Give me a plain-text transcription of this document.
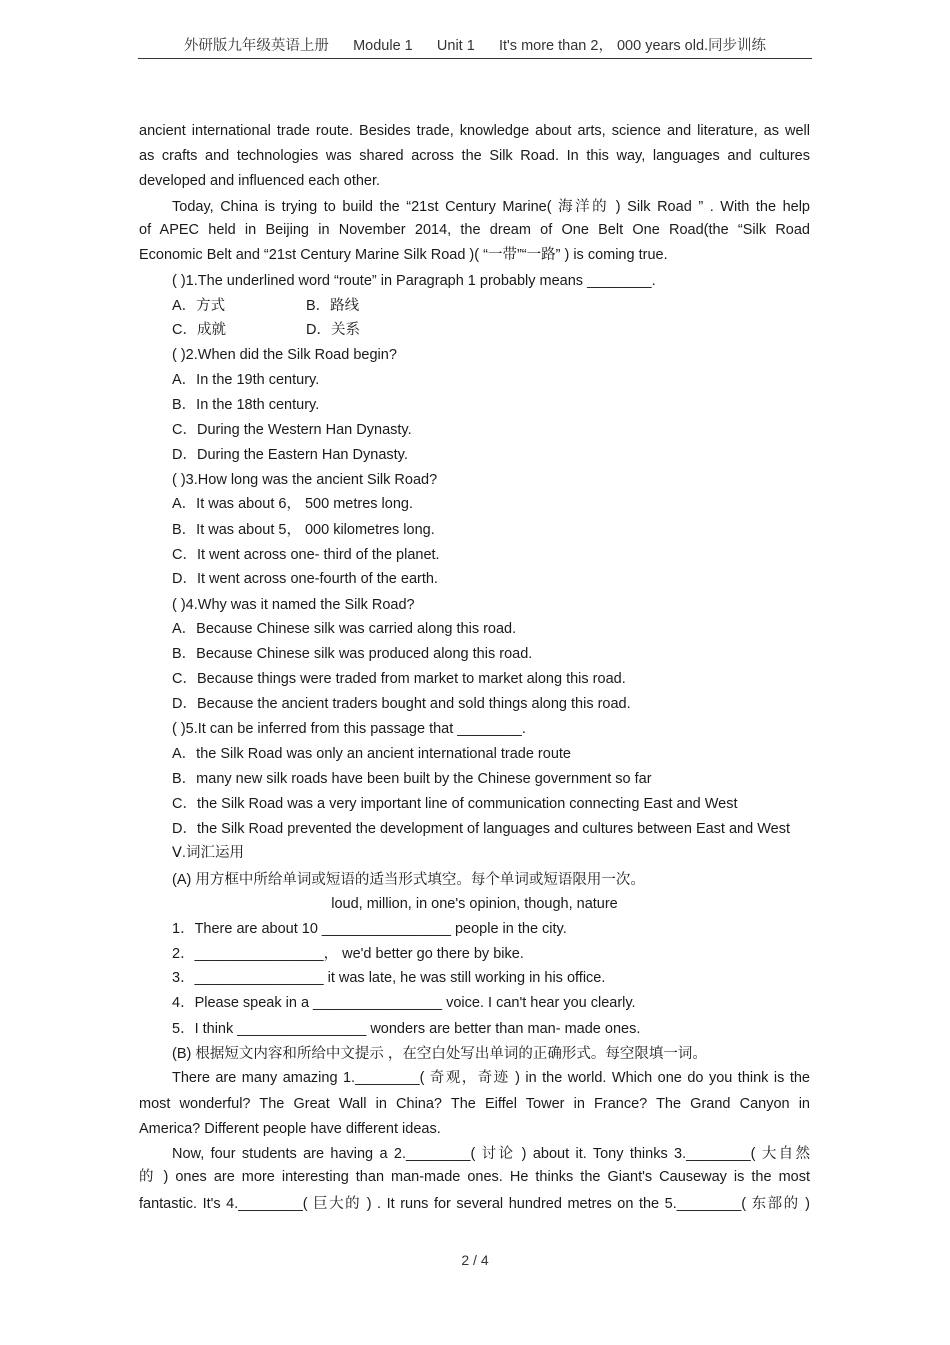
外研版九年级英语上册      Module 1      Unit 1      It's more than 2， 000 years old.同步训练
ancient international trade route. Besides trade, knowledge about arts, science and literature, as well
as crafts and technologies was shared across the Silk Road. In this way, languages and cultures
developed and influenced each other.
Today, China is trying to build the “21st Century Marine( 海洋的 ) Silk Road ” . With the help
of APEC held in Beijing in November 2014, the dream of One Belt One Road(the “Silk Road
Economic Belt and “21st Century Marine Silk Road )( “一带”“一路” ) is coming true.
( )1.The underlined word “route” in Paragraph 1 probably means ________.
A．方式	B．路线
C．成就	D．关系
( )2.When did the Silk Road begin?
A．In the 19th century.
B．In the 18th century.
C．During the Western Han Dynasty.
D．During the Eastern Han Dynasty.
( )3.How long was the ancient Silk Road?
A．It was about 6， 500 metres long.
B．It was about 5， 000 kilometres long.
C．It went across one- third of the planet.
D．It went across one-fourth of the earth.
( )4.Why was it named the Silk Road?
A．Because Chinese silk was carried along this road.
B．Because Chinese silk was produced along this road.
C．Because things were traded from market to market along this road.
D．Because the ancient traders bought and sold things along this road.
( )5.It can be inferred from this passage that ________.
A．the Silk Road was only an ancient international trade route
B．many new silk roads have been built by the Chinese government so far
C．the Silk Road was a very important line of communication connecting East and West
D．the Silk Road prevented the development of languages and cultures between East and West
Ⅴ.词汇运用
(A) 用方框中所给单词或短语的适当形式填空。每个单词或短语限用一次。
loud, million, in one's opinion, though, nature
1．There are about 10 ________________ people in the city.
2．________________， we'd better go there by bike.
3．________________ it was late, he was still working in his office.
4．Please speak in a ________________ voice. I can't hear you clearly.
5．I think ________________ wonders are better than man- made ones.
(B) 根据短文内容和所给中文提示 ，在空白处写出单词的正确形式。每空限填一词。
There are many amazing 1.________( 奇观，奇迹 ) in the world. Which one do you think is the
most wonderful? The Great Wall in China? The Eiffel Tower in France? The Grand Canyon in
America? Different people have different ideas.
Now, four students are having a 2.________( 讨论 ) about it. Tony thinks 3.________( 大自然
的 ) ones are more interesting than man-made ones. He thinks the Giant's Causeway is the most
fantastic. It's 4.________( 巨大的 ) . It runs for several hundred metres on the 5.________( 东部的 )
2 / 4
